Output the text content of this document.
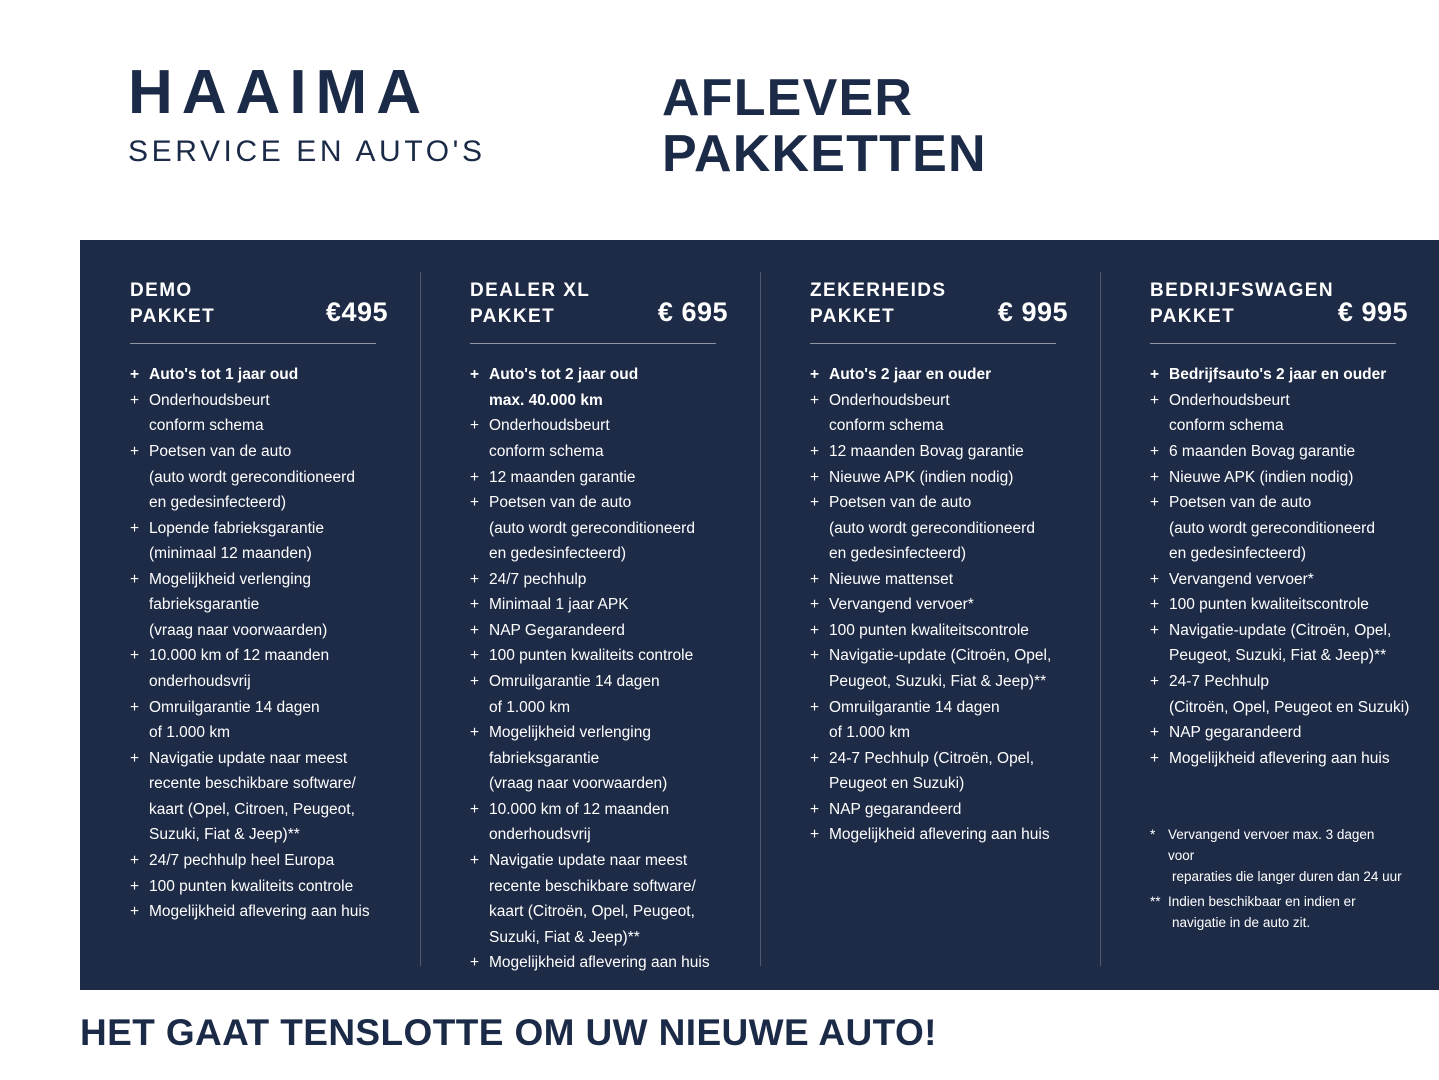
HAAIMA
SERVICE EN AUTO'S
AFLEVER
PAKKETTEN
DEMO
PAKKET	€495
+ Auto's tot 1 jaar oud
+ Onderhoudsbeurt
conform schema
+ Poetsen van de auto
(auto wordt gereconditioneerd
en gedesinfecteerd)
+ Lopende fabrieksgarantie
(minimaal 12 maanden)
+ Mogelijkheid verlenging
fabrieksgarantie
(vraag naar voorwaarden)
+ 10.000 km of 12 maanden
onderhoudsvrij
+ Omruilgarantie 14 dagen
of 1.000 km
+ Navigatie update naar meest
recente beschikbare software/
kaart (Opel, Citroen, Peugeot,
Suzuki, Fiat & Jeep)**
+ 24/7 pechhulp heel Europa
+ 100 punten kwaliteits controle
+ Mogelijkheid aflevering aan huis
DEALER XL
PAKKET	€ 695
+ Auto's tot 2 jaar oud
max. 40.000 km
+ Onderhoudsbeurt
conform schema
+ 12 maanden garantie
+ Poetsen van de auto
(auto wordt gereconditioneerd
en gedesinfecteerd)
+ 24/7 pechhulp
+ Minimaal 1 jaar APK
+ NAP Gegarandeerd
+ 100 punten kwaliteits controle
+ Omruilgarantie 14 dagen
of 1.000 km
+ Mogelijkheid verlenging
fabrieksgarantie
(vraag naar voorwaarden)
+ 10.000 km of 12 maanden
onderhoudsvrij
+ Navigatie update naar meest
recente beschikbare software/
kaart (Citroën, Opel, Peugeot,
Suzuki, Fiat & Jeep)**
+ Mogelijkheid aflevering aan huis
ZEKERHEIDS
PAKKET	€ 995
+ Auto's 2 jaar en ouder
+ Onderhoudsbeurt
conform schema
+ 12 maanden Bovag garantie
+ Nieuwe APK (indien nodig)
+ Poetsen van de auto
(auto wordt gereconditioneerd
en gedesinfecteerd)
+ Nieuwe mattenset
+ Vervangend vervoer*
+ 100 punten kwaliteitscontrole
+ Navigatie-update (Citroën, Opel,
Peugeot, Suzuki, Fiat & Jeep)**
+ Omruilgarantie 14 dagen
of 1.000 km
+ 24-7 Pechhulp (Citroën, Opel,
Peugeot en Suzuki)
+ NAP gegarandeerd
+ Mogelijkheid aflevering aan huis
BEDRIJFSWAGEN
PAKKET	€ 995
+ Bedrijfsauto's 2 jaar en ouder
+ Onderhoudsbeurt
conform schema
+ 6 maanden Bovag garantie
+ Nieuwe APK (indien nodig)
+ Poetsen van de auto
(auto wordt gereconditioneerd
en gedesinfecteerd)
+ Vervangend vervoer*
+ 100 punten kwaliteitscontrole
+ Navigatie-update (Citroën, Opel,
Peugeot, Suzuki, Fiat & Jeep)**
+ 24-7 Pechhulp
(Citroën, Opel, Peugeot en Suzuki)
+ NAP gegarandeerd
+ Mogelijkheid aflevering aan huis

* Vervangend vervoer max. 3 dagen voor
reparaties die langer duren dan 24 uur

** Indien beschikbaar en indien er
navigatie in de auto zit.

HET GAAT TENSLOTTE OM UW NIEUWE AUTO!
